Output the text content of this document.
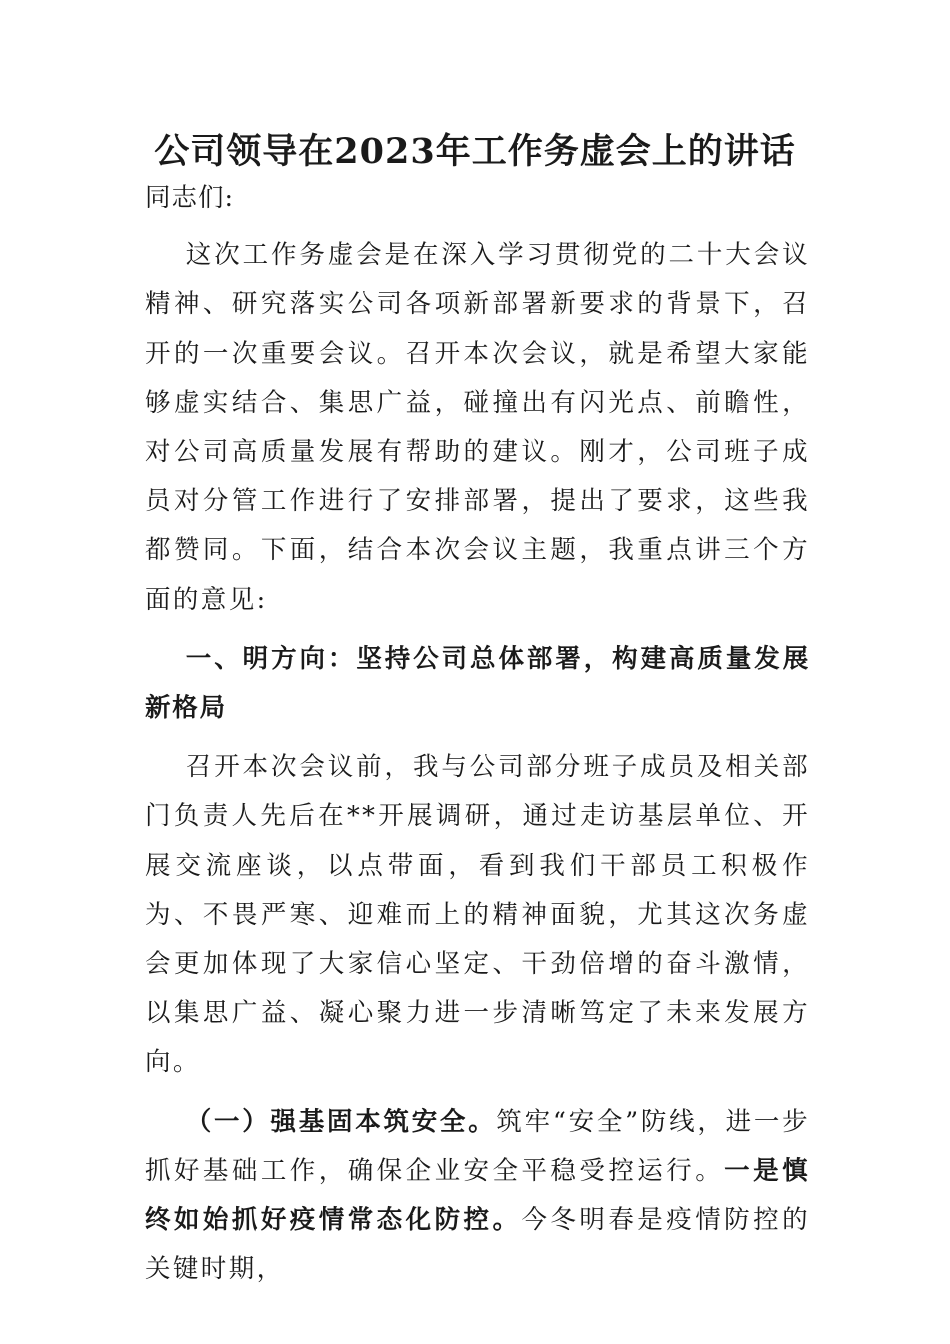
公司领导在2023年工作务虚会上的讲话

同志们:

这次工作务虚会是在深入学习贯彻党的二十大会议精神、研究落实公司各项新部署新要求的背景下，召开的一次重要会议。召开本次会议，就是希望大家能够虚实结合、集思广益，碰撞出有闪光点、前瞻性，对公司高质量发展有帮助的建议。刚才，公司班子成员对分管工作进行了安排部署，提出了要求，这些我都赞同。下面，结合本次会议主题，我重点讲三个方面的意见:

一、明方向：坚持公司总体部署，构建高质量发展新格局

召开本次会议前，我与公司部分班子成员及相关部门负责人先后在**开展调研，通过走访基层单位、开展交流座谈，以点带面，看到我们干部员工积极作为、不畏严寒、迎难而上的精神面貌，尤其这次务虚会更加体现了大家信心坚定、干劲倍增的奋斗激情，以集思广益、凝心聚力进一步清晰笃定了未来发展方向。

（一）强基固本筑安全。筑牢“安全”防线，进一步抓好基础工作，确保企业安全平稳受控运行。一是慎终如始抓好疫情常态化防控。今冬明春是疫情防控的关键时期，
